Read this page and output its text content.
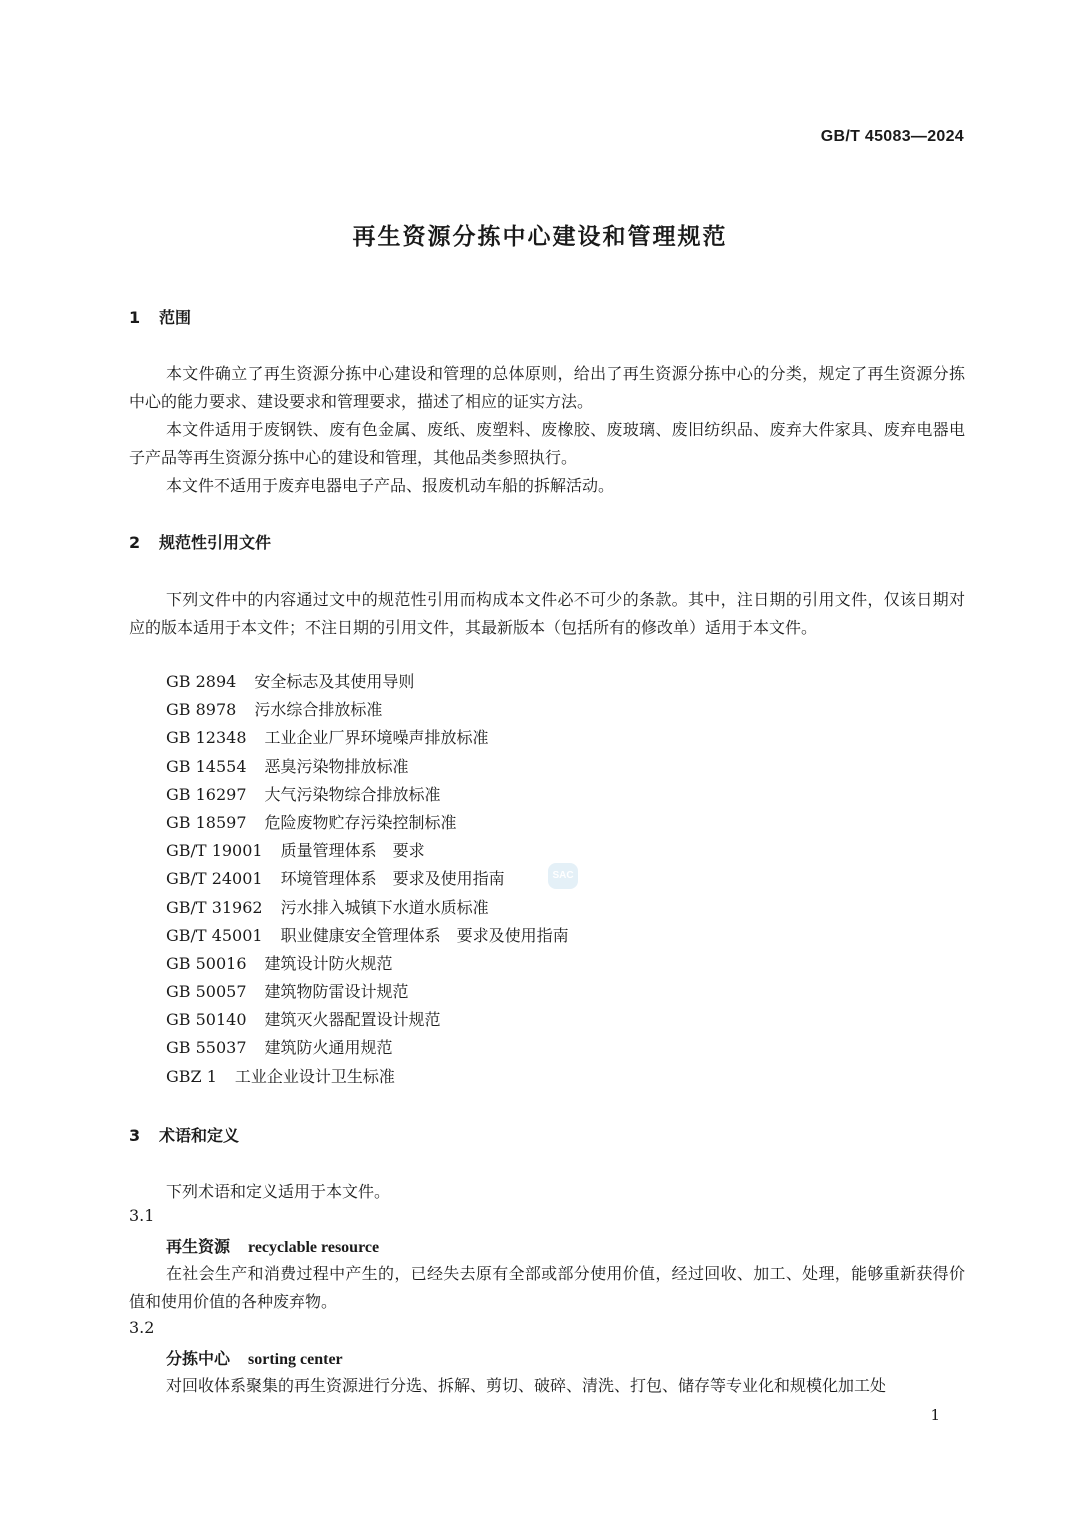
GB/T 45083—2024
再生资源分拣中心建设和管理规范
1 范围

本文件确立了再生资源分拣中心建设和管理的总体原则，给出了再生资源分拣中心的分类，规定了再生资源分拣中心的能力要求、建设要求和管理要求，描述了相应的证实方法。

本文件适用于废钢铁、废有色金属、废纸、废塑料、废橡胶、废玻璃、废旧纺织品、废弃大件家具、废弃电器电子产品等再生资源分拣中心的建设和管理，其他品类参照执行。

本文件不适用于废弃电器电子产品、报废机动车船的拆解活动。

2 规范性引用文件

下列文件中的内容通过文中的规范性引用而构成本文件必不可少的条款。其中，注日期的引用文件，仅该日期对应的版本适用于本文件；不注日期的引用文件，其最新版本（包括所有的修改单）适用于本文件。

GB 2894 安全标志及其使用导则
GB 8978 污水综合排放标准
GB 12348 工业企业厂界环境噪声排放标准
GB 14554 恶臭污染物排放标准
GB 16297 大气污染物综合排放标准
GB 18597 危险废物贮存污染控制标准
GB/T 19001 质量管理体系　要求
GB/T 24001 环境管理体系　要求及使用指南
GB/T 31962 污水排入城镇下水道水质标准
GB/T 45001 职业健康安全管理体系　要求及使用指南
GB 50016 建筑设计防火规范
GB 50057 建筑物防雷设计规范
GB 50140 建筑灭火器配置设计规范
GB 55037 建筑防火通用规范
GBZ 1 工业企业设计卫生标准
SAC
3 术语和定义

下列术语和定义适用于本文件。

3.1
再生资源 recyclable resource

在社会生产和消费过程中产生的，已经失去原有全部或部分使用价值，经过回收、加工、处理，能够重新获得价值和使用价值的各种废弃物。

3.2
分拣中心 sorting center

对回收体系聚集的再生资源进行分选、拆解、剪切、破碎、清洗、打包、储存等专业化和规模化加工处

1
